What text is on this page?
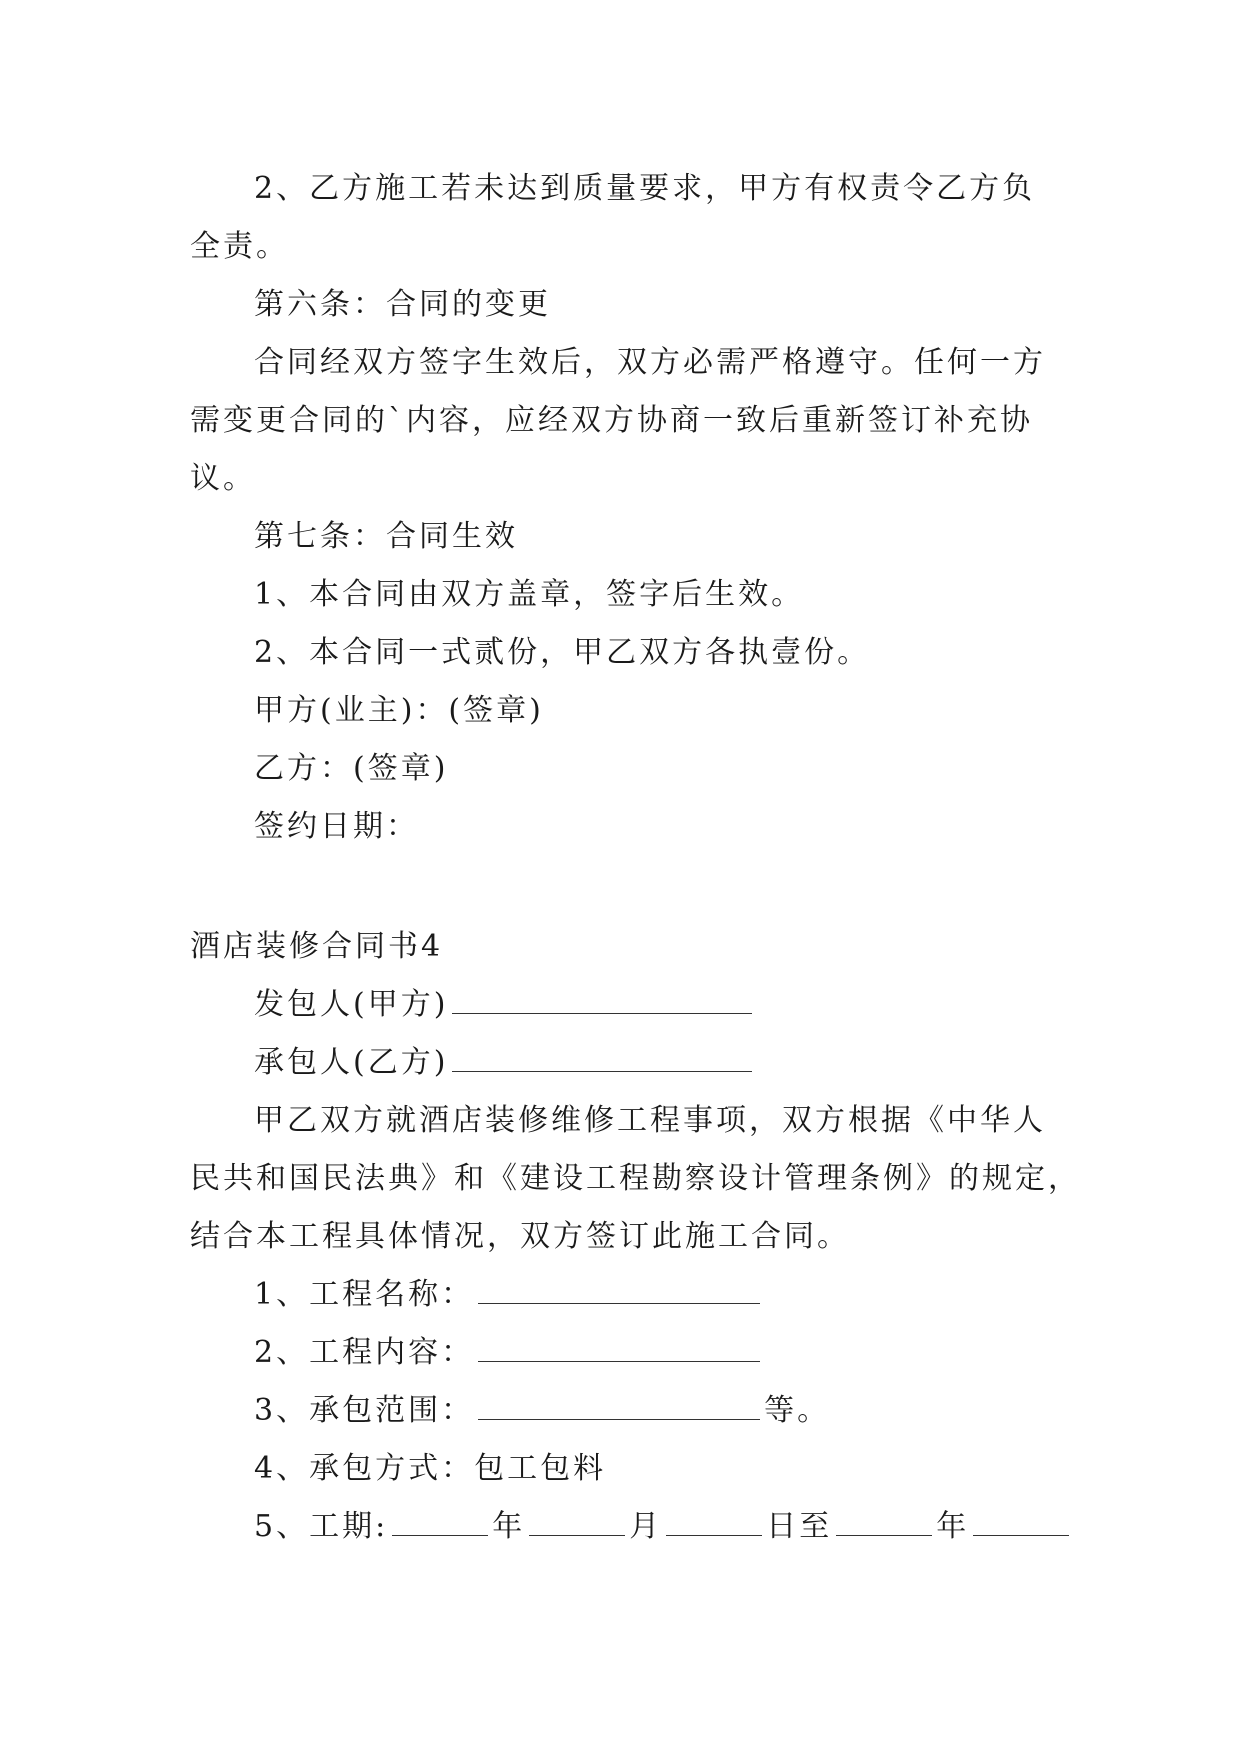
2、乙方施工若未达到质量要求，甲方有权责令乙方负
全责。
第六条：合同的变更
合同经双方签字生效后，双方必需严格遵守。任何一方
需变更合同的`内容，应经双方协商一致后重新签订补充协
议。
第七条：合同生效
1、本合同由双方盖章，签字后生效。
2、本合同一式贰份，甲乙双方各执壹份。
甲方(业主)：(签章)
乙方：(签章)
签约日期：
酒店装修合同书4
发包人(甲方)
承包人(乙方)
甲乙双方就酒店装修维修工程事项，双方根据《中华人
民共和国民法典》和《建设工程勘察设计管理条例》的规定，
结合本工程具体情况，双方签订此施工合同。
1、工程名称：
2、工程内容：
3、承包范围：	等。
4、承包方式：包工包料
5、工期:	年	月	日至	年
